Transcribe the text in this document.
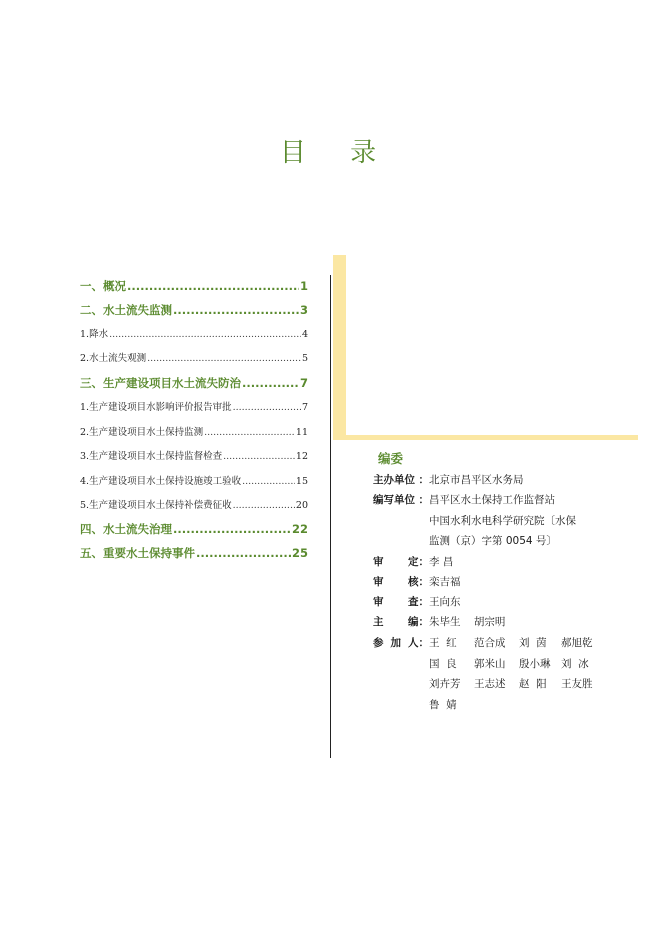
目 录
一、概况 .....	1
二、水土流失监测 .....	3
1.降水 .....	4
2.水土流失观测 .....	5
三、生产建设项目水土流失防治 .....	7
1.生产建设项目水影响评价报告审批 .....	7
2.生产建设项目水土保持监测 .....	11
3.生产建设项目水土保持监督检查 .....	12
4.生产建设项目水土保持设施竣工验收 .....	15
5.生产建设项目水土保持补偿费征收 .....	20
四、水土流失治理 .....	22
五、重要水土保持事件 .....	25
编委
主办单位 ： 北京市昌平区水务局
编写单位 ： 昌平区水土保持工作监督站
中国水利水电科学研究院〔水保
监测（京）字第 0054 号〕
审 定： 李 昌
审 核： 栾吉福
审 查： 王向东
主 编： 朱毕生    胡宗明
参 加 人： 王  红 范合成 刘  茵 郝旭乾
国  良 郭米山 殷小琳 刘  冰
刘卉芳 王志述 赵  阳 王友胜
鲁  婧
